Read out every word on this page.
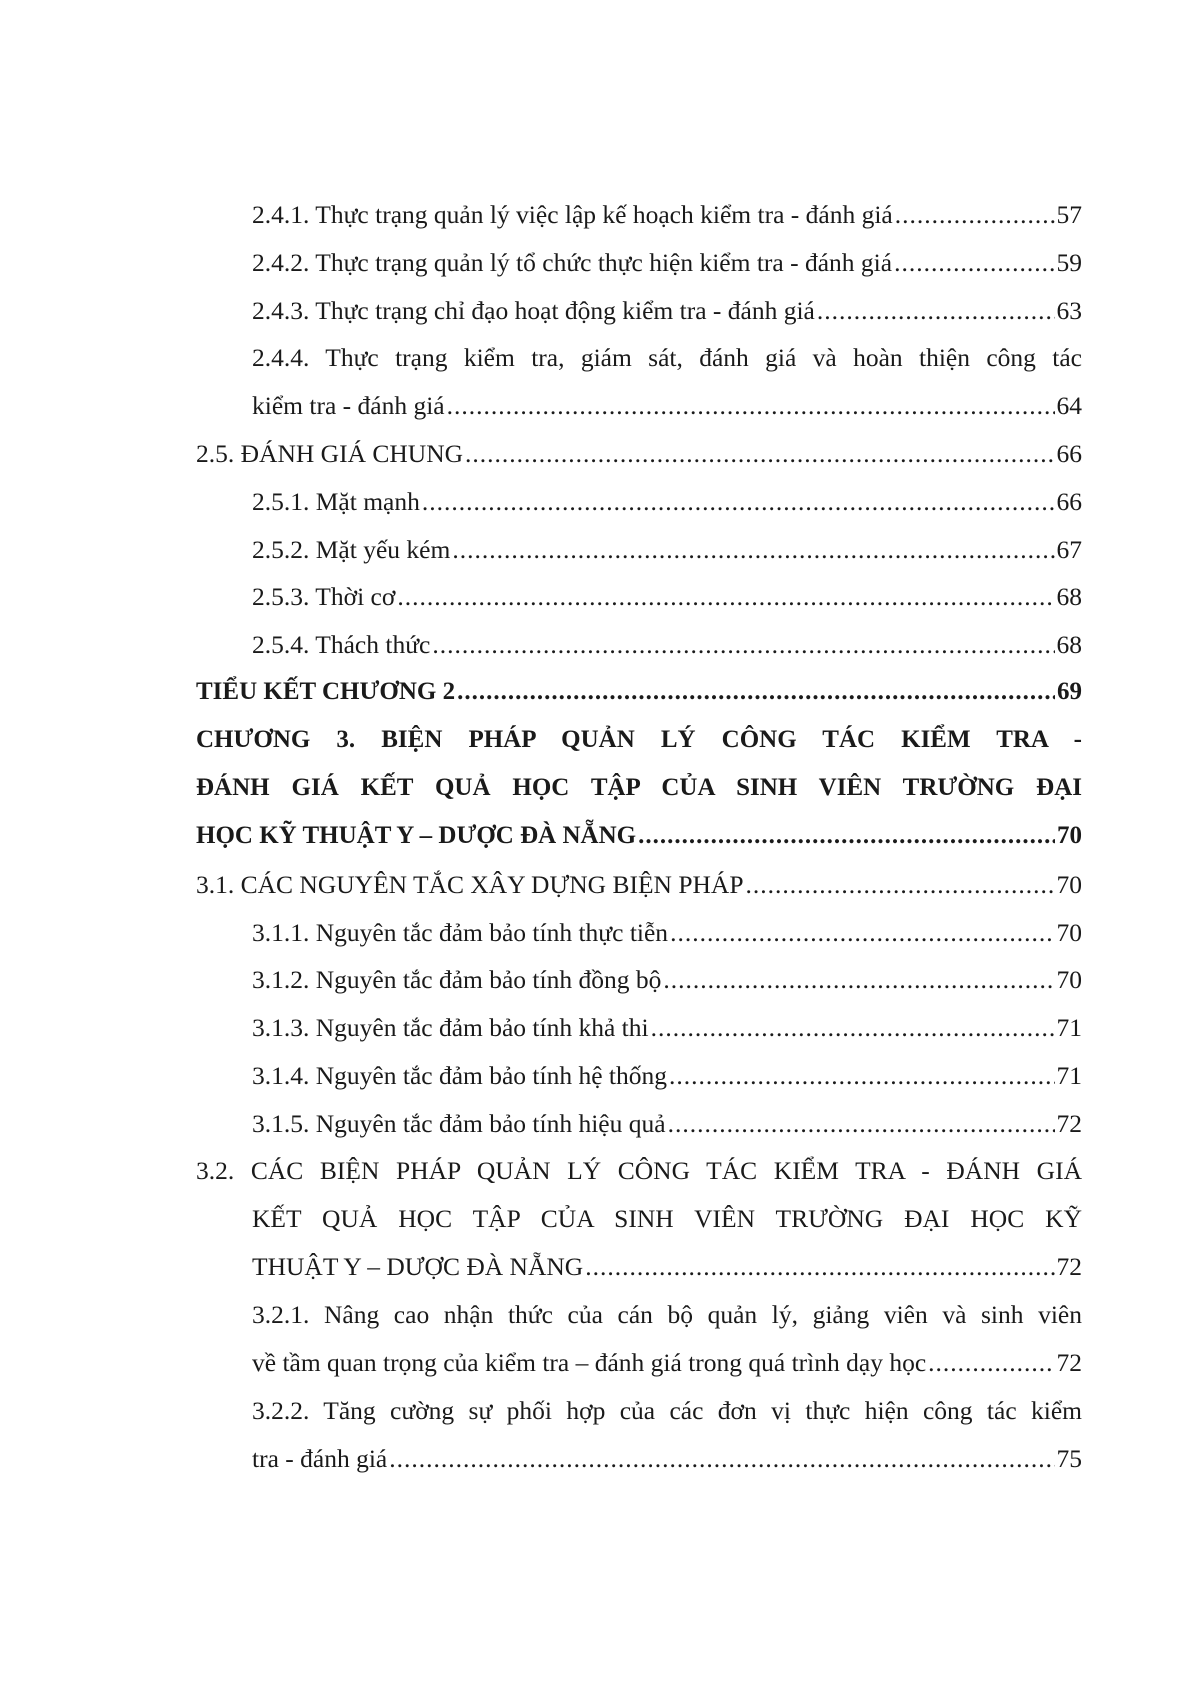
2.4.1. Thực trạng quản lý việc lập kế hoạch kiểm tra - đánh giá .....	57
2.4.2. Thực trạng quản lý tổ chức thực hiện kiểm tra - đánh giá .....	59
2.4.3. Thực trạng chỉ đạo hoạt động kiểm tra - đánh giá .....	63
2.4.4. Thực trạng kiểm tra, giám sát, đánh giá và hoàn thiện công tác
kiểm tra - đánh giá .....	64
2.5. ĐÁNH GIÁ CHUNG .....	66
2.5.1. Mặt mạnh .....	66
2.5.2. Mặt yếu kém .....	67
2.5.3. Thời cơ .....	68
2.5.4. Thách thức .....	68
TIỂU KẾT CHƯƠNG 2 .....	69
CHƯƠNG 3. BIỆN PHÁP QUẢN LÝ CÔNG TÁC KIỂM TRA -
ĐÁNH GIÁ KẾT QUẢ HỌC TẬP CỦA SINH VIÊN TRƯỜNG ĐẠI
HỌC KỸ THUẬT Y – DƯỢC ĐÀ NẴNG .....	70
3.1. CÁC NGUYÊN TẮC XÂY DỰNG BIỆN PHÁP .....	70
3.1.1. Nguyên tắc đảm bảo tính thực tiễn .....	70
3.1.2. Nguyên tắc đảm bảo tính đồng bộ .....	70
3.1.3. Nguyên tắc đảm bảo tính khả thi .....	71
3.1.4. Nguyên tắc đảm bảo tính hệ thống .....	71
3.1.5. Nguyên tắc đảm bảo tính hiệu quả .....	72
3.2. CÁC BIỆN PHÁP QUẢN LÝ CÔNG TÁC KIỂM TRA - ĐÁNH GIÁ
KẾT QUẢ HỌC TẬP CỦA SINH VIÊN TRƯỜNG ĐẠI HỌC KỸ
THUẬT Y – DƯỢC ĐÀ NẴNG .....	72
3.2.1. Nâng cao nhận thức của cán bộ quản lý, giảng viên và sinh viên
về tầm quan trọng của kiểm tra – đánh giá trong quá trình dạy học .....	72
3.2.2. Tăng cường sự phối hợp của các đơn vị thực hiện công tác kiểm
tra - đánh giá .....	75
